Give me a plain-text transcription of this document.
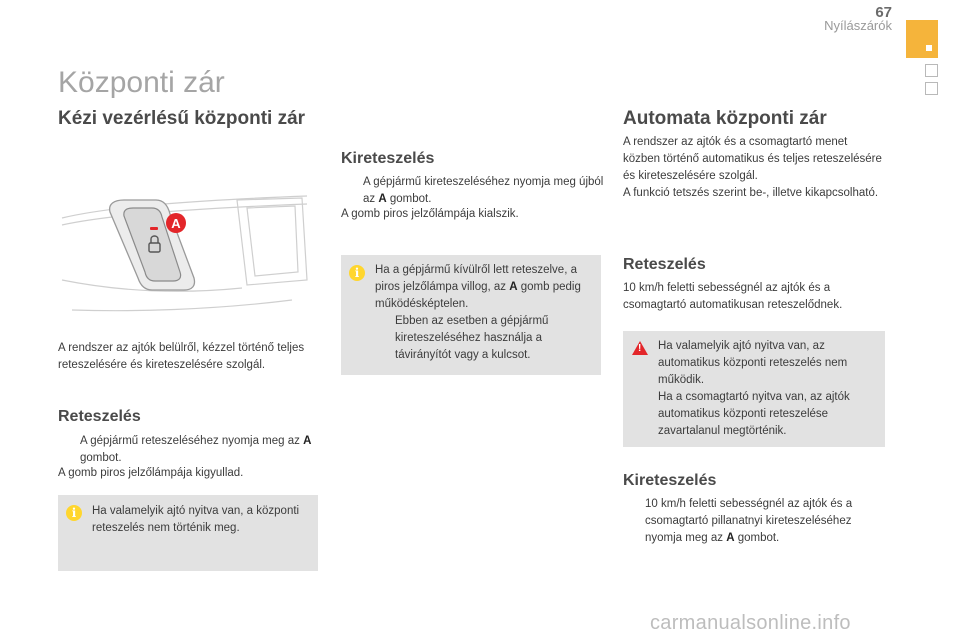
67
Nyílászárók
Központi zár
Kézi vezérlésű központi zár
A

A rendszer az ajtók belülről, kézzel történő teljes reteszelésére és kireteszelésére szolgál.

Reteszelés
A gépjármű reteszeléséhez nyomja meg az A gombot.

A gomb piros jelzőlámpája kigyullad.

i
Ha valamelyik ajtó nyitva van, a központi reteszelés nem történik meg.
Kireteszelés
A gépjármű kireteszeléséhez nyomja meg újból az A gombot.

A gomb piros jelzőlámpája kialszik.

i
Ha a gépjármű kívülről lett reteszelve, a piros jelzőlámpa villog, az A gomb pedig működésképtelen.
Ebben az esetben a gépjármű kireteszeléséhez használja a távirányítót vagy a kulcsot.
Automata központi zár

A rendszer az ajtók és a csomagtartó menet közben történő automatikus és teljes reteszelésére és kireteszelésére szolgál.

A funkció tetszés szerint be-, illetve kikapcsolható.

Reteszelés

10 km/h feletti sebességnél az ajtók és a csomagtartó automatikusan reteszelődnek.

!
Ha valamelyik ajtó nyitva van, az automatikus központi reteszelés nem működik.
Ha a csomagtartó nyitva van, az ajtók automatikus központi reteszelése zavartalanul megtörténik.
Kireteszelés
10 km/h feletti sebességnél az ajtók és a csomagtartó pillanatnyi kireteszeléséhez nyomja meg az A gombot.
carmanualsonline.info
